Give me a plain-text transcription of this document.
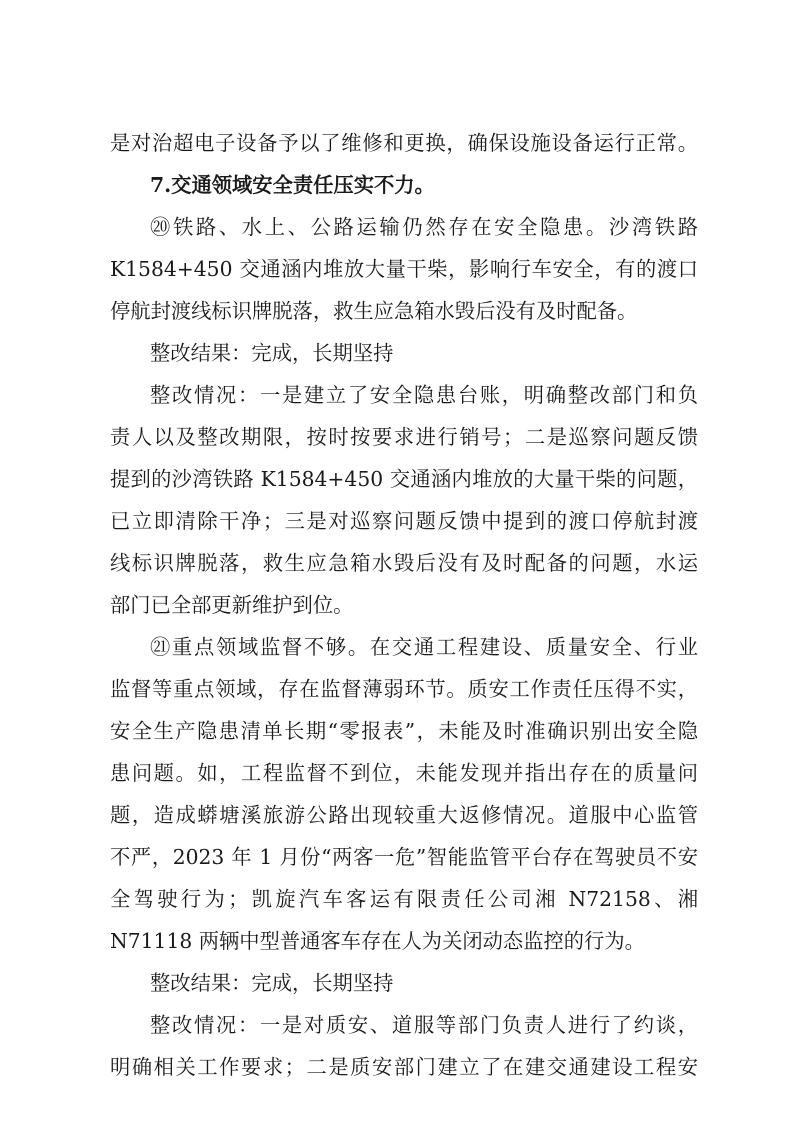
是对治超电子设备予以了维修和更换，确保设施设备运行正常。
7.交通领域安全责任压实不力。
⑳铁路、水上、公路运输仍然存在安全隐患。沙湾铁路
K1584+450 交通涵内堆放大量干柴，影响行车安全，有的渡口
停航封渡线标识牌脱落，救生应急箱水毁后没有及时配备。
整改结果：完成，长期坚持
整改情况：一是建立了安全隐患台账，明确整改部门和负
责人以及整改期限，按时按要求进行销号；二是巡察问题反馈
提到的沙湾铁路 K1584+450 交通涵内堆放的大量干柴的问题，
已立即清除干净；三是对巡察问题反馈中提到的渡口停航封渡
线标识牌脱落，救生应急箱水毁后没有及时配备的问题，水运
部门已全部更新维护到位。
㉑重点领域监督不够。在交通工程建设、质量安全、行业
监督等重点领域，存在监督薄弱环节。质安工作责任压得不实，
安全生产隐患清单长期“零报表”，未能及时准确识别出安全隐
患问题。如，工程监督不到位，未能发现并指出存在的质量问
题，造成蟒塘溪旅游公路出现较重大返修情况。道服中心监管
不严，2023 年 1 月份“两客一危”智能监管平台存在驾驶员不安
全驾驶行为；凯旋汽车客运有限责任公司湘 N72158、湘
N71118 两辆中型普通客车存在人为关闭动态监控的行为。
整改结果：完成，长期坚持
整改情况：一是对质安、道服等部门负责人进行了约谈，
明确相关工作要求；二是质安部门建立了在建交通建设工程安
